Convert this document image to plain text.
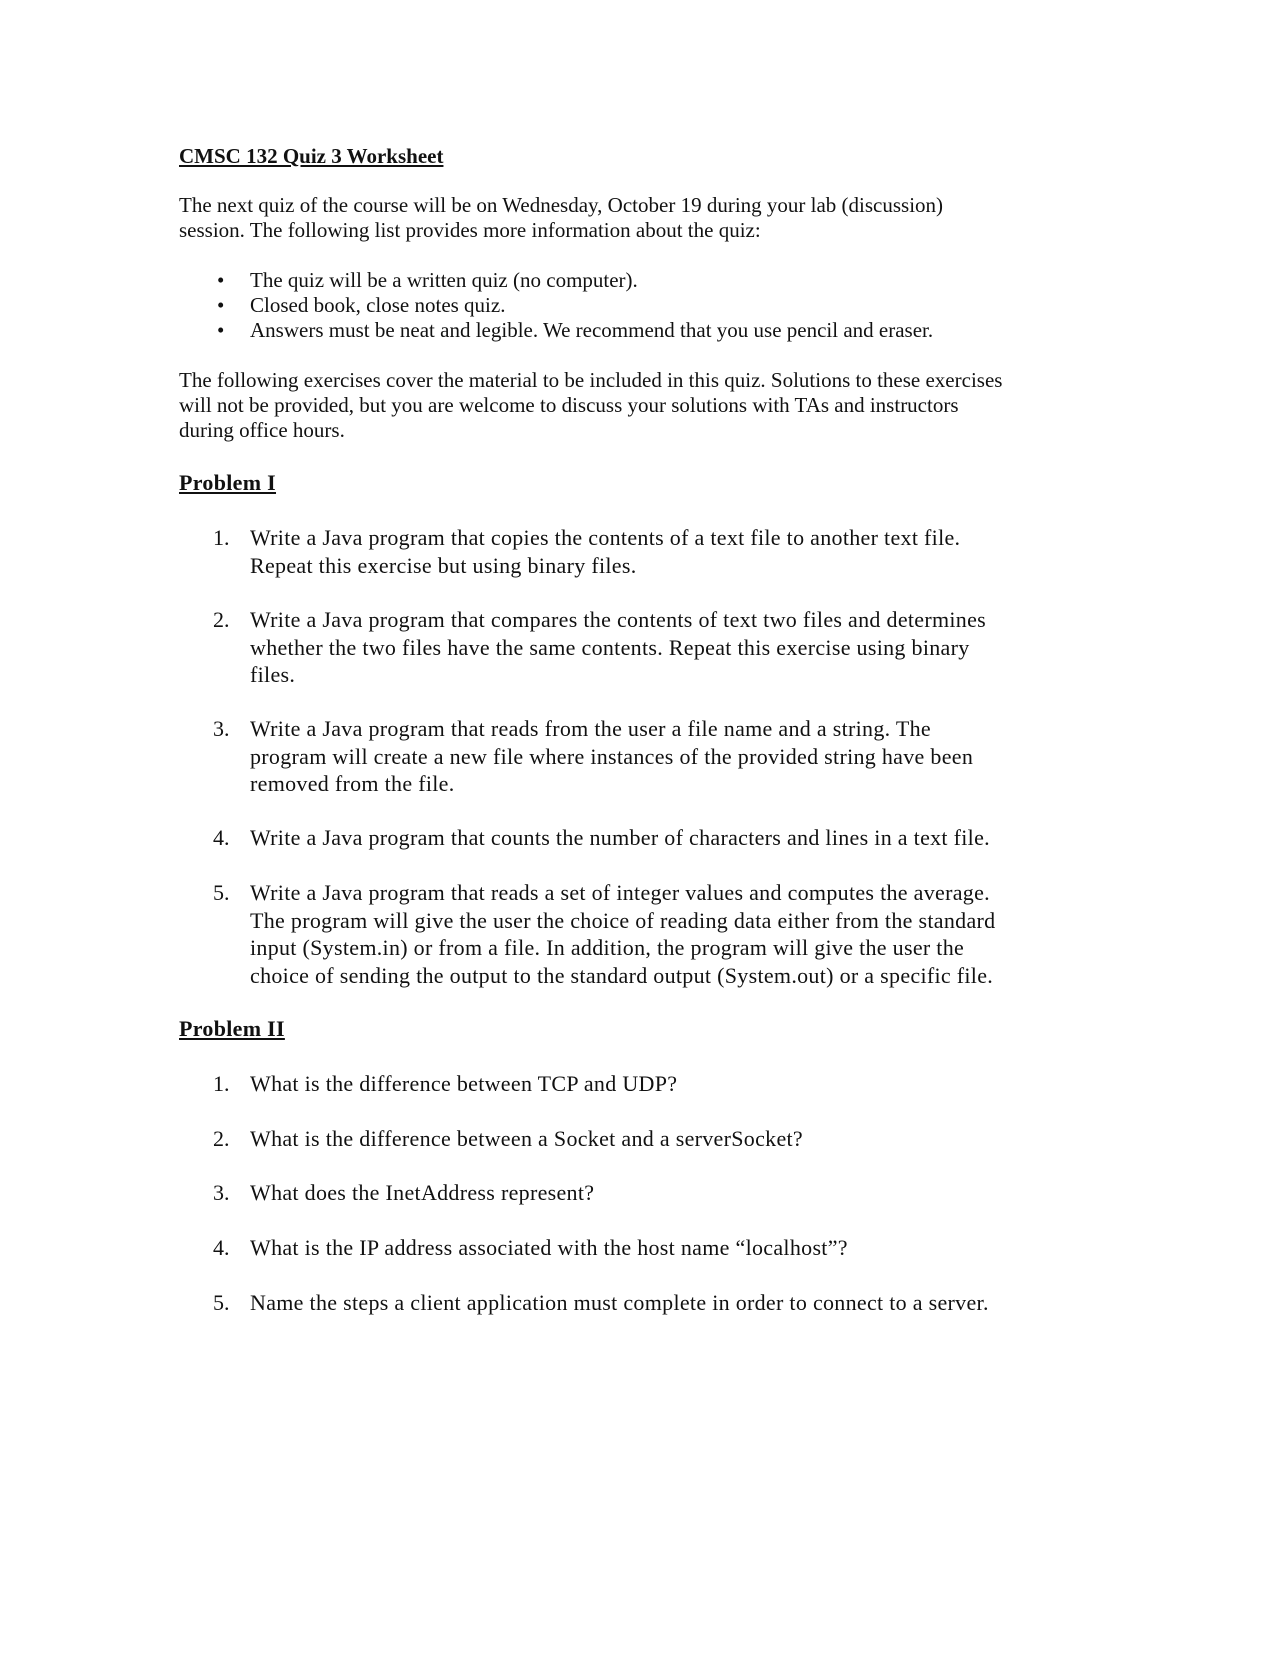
CMSC 132 Quiz 3 Worksheet
The next quiz of the course will be on Wednesday, October 19 during your lab (discussion)
session. The following list provides more information about the quiz:
• The quiz will be a written quiz (no computer).
• Closed book, close notes quiz.
• Answers must be neat and legible. We recommend that you use pencil and eraser.
The following exercises cover the material to be included in this quiz. Solutions to these exercises
will not be provided, but you are welcome to discuss your solutions with TAs and instructors
during office hours.
Problem I
1. Write a Java program that copies the contents of a text file to another text file.
Repeat this exercise but using binary files.
2. Write a Java program that compares the contents of text two files and determines
whether the two files have the same contents. Repeat this exercise using binary
files.
3. Write a Java program that reads from the user a file name and a string. The
program will create a new file where instances of the provided string have been
removed from the file.
4. Write a Java program that counts the number of characters and lines in a text file.
5. Write a Java program that reads a set of integer values and computes the average.
The program will give the user the choice of reading data either from the standard
input (System.in) or from a file. In addition, the program will give the user the
choice of sending the output to the standard output (System.out) or a specific file.
Problem II
1. What is the difference between TCP and UDP?
2. What is the difference between a Socket and a serverSocket?
3. What does the InetAddress represent?
4. What is the IP address associated with the host name “localhost”?
5. Name the steps a client application must complete in order to connect to a server.
